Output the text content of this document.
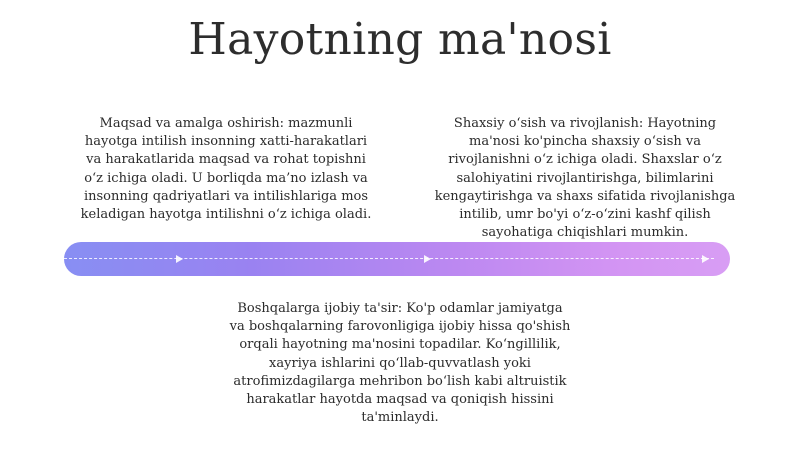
Hayotning ma'nosi

Maqsad va amalga oshirish: mazmunli hayotga intilish insonning xatti-harakatlari va harakatlarida maqsad va rohat topishni o‘z ichiga oladi. U borliqda ma’no izlash va insonning qadriyatlari va intilishlariga mos keladigan hayotga intilishni o‘z ichiga oladi.

Shaxsiy o‘sish va rivojlanish: Hayotning ma'nosi ko'pincha shaxsiy o‘sish va rivojlanishni o‘z ichiga oladi. Shaxslar o‘z salohiyatini rivojlantirishga, bilimlarini kengaytirishga va shaxs sifatida rivojlanishga intilib, umr bo'yi o‘z-o‘zini kashf qilish sayohatiga chiqishlari mumkin.

Boshqalarga ijobiy ta'sir: Ko'p odamlar jamiyatga va boshqalarning farovonligiga ijobiy hissa qo'shish orqali hayotning ma'nosini topadilar. Ko‘ngillilik, xayriya ishlarini qo‘llab-quvvatlash yoki atrofimizdagilarga mehribon bo‘lish kabi altruistik harakatlar hayotda maqsad va qoniqish hissini ta'minlaydi.
